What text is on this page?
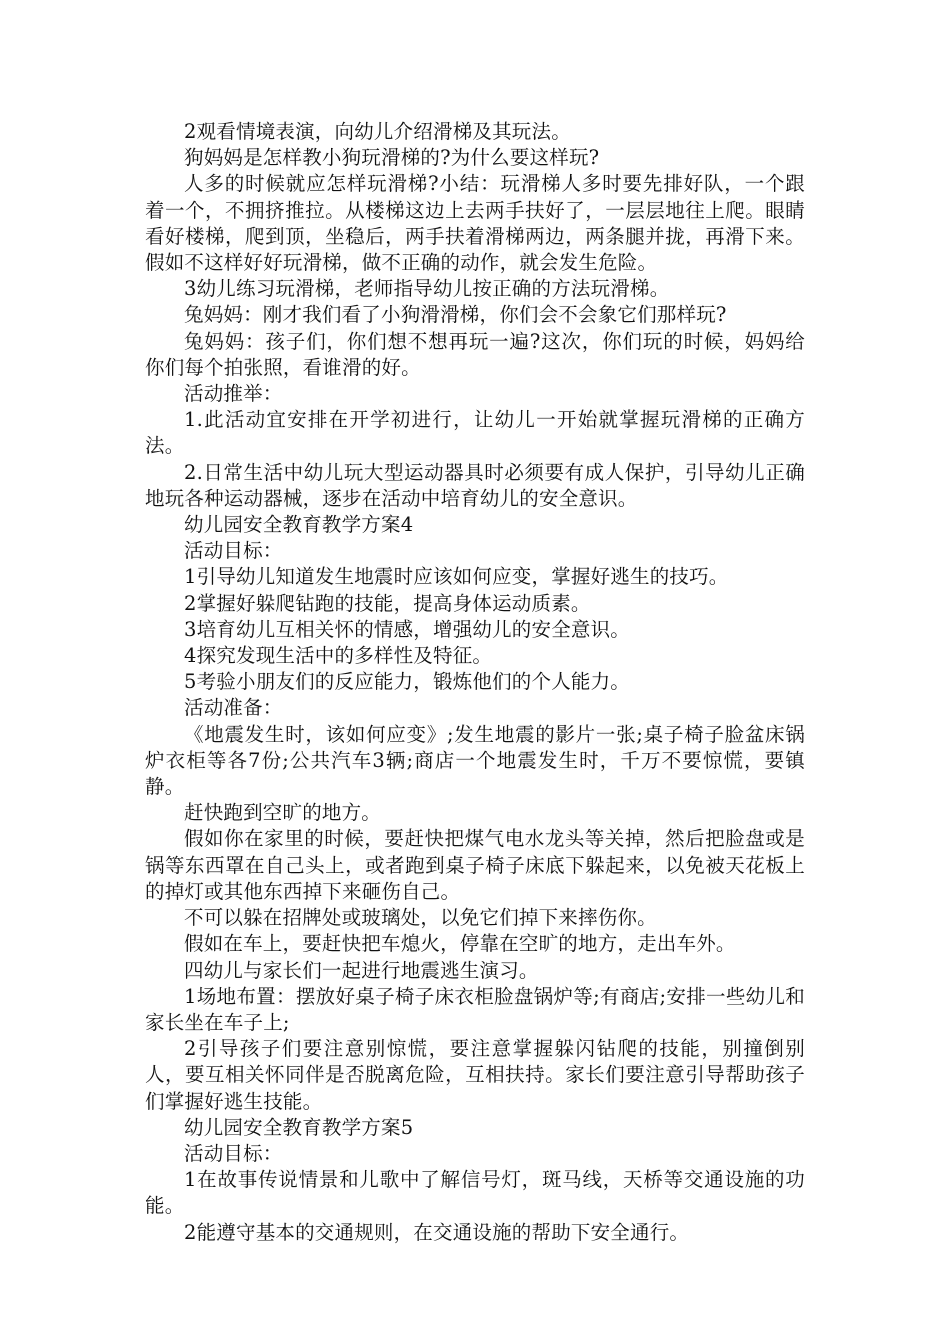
2观看情境表演，向幼儿介绍滑梯及其玩法。

狗妈妈是怎样教小狗玩滑梯的?为什么要这样玩?

人多的时候就应怎样玩滑梯?小结：玩滑梯人多时要先排好队，一个跟着一个，不拥挤推拉。从楼梯这边上去两手扶好了，一层层地往上爬。眼睛看好楼梯，爬到顶，坐稳后，两手扶着滑梯两边，两条腿并拢，再滑下来。假如不这样好好玩滑梯，做不正确的动作，就会发生危险。

3幼儿练习玩滑梯，老师指导幼儿按正确的方法玩滑梯。

兔妈妈：刚才我们看了小狗滑滑梯，你们会不会象它们那样玩?

兔妈妈：孩子们，你们想不想再玩一遍?这次，你们玩的时候，妈妈给你们每个拍张照，看谁滑的好。

活动推举：

1.此活动宜安排在开学初进行，让幼儿一开始就掌握玩滑梯的正确方法。

2.日常生活中幼儿玩大型运动器具时必须要有成人保护，引导幼儿正确地玩各种运动器械，逐步在活动中培育幼儿的安全意识。

幼儿园安全教育教学方案4

活动目标：

1引导幼儿知道发生地震时应该如何应变，掌握好逃生的技巧。

2掌握好躲爬钻跑的技能，提高身体运动质素。

3培育幼儿互相关怀的情感，增强幼儿的安全意识。

4探究发现生活中的多样性及特征。

5考验小朋友们的反应能力，锻炼他们的个人能力。

活动准备：

《地震发生时，该如何应变》;发生地震的影片一张;桌子椅子脸盆床锅炉衣柜等各7份;公共汽车3辆;商店一个地震发生时，千万不要惊慌，要镇静。

赶快跑到空旷的地方。

假如你在家里的时候，要赶快把煤气电水龙头等关掉，然后把脸盘或是锅等东西罩在自己头上，或者跑到桌子椅子床底下躲起来，以免被天花板上的掉灯或其他东西掉下来砸伤自己。

不可以躲在招牌处或玻璃处，以免它们掉下来摔伤你。

假如在车上，要赶快把车熄火，停靠在空旷的地方，走出车外。

四幼儿与家长们一起进行地震逃生演习。

1场地布置：摆放好桌子椅子床衣柜脸盘锅炉等;有商店;安排一些幼儿和家长坐在车子上;

2引导孩子们要注意别惊慌，要注意掌握躲闪钻爬的技能，别撞倒别人，要互相关怀同伴是否脱离危险，互相扶持。家长们要注意引导帮助孩子们掌握好逃生技能。

幼儿园安全教育教学方案5

活动目标：

1在故事传说情景和儿歌中了解信号灯，斑马线，天桥等交通设施的功能。

2能遵守基本的交通规则，在交通设施的帮助下安全通行。
